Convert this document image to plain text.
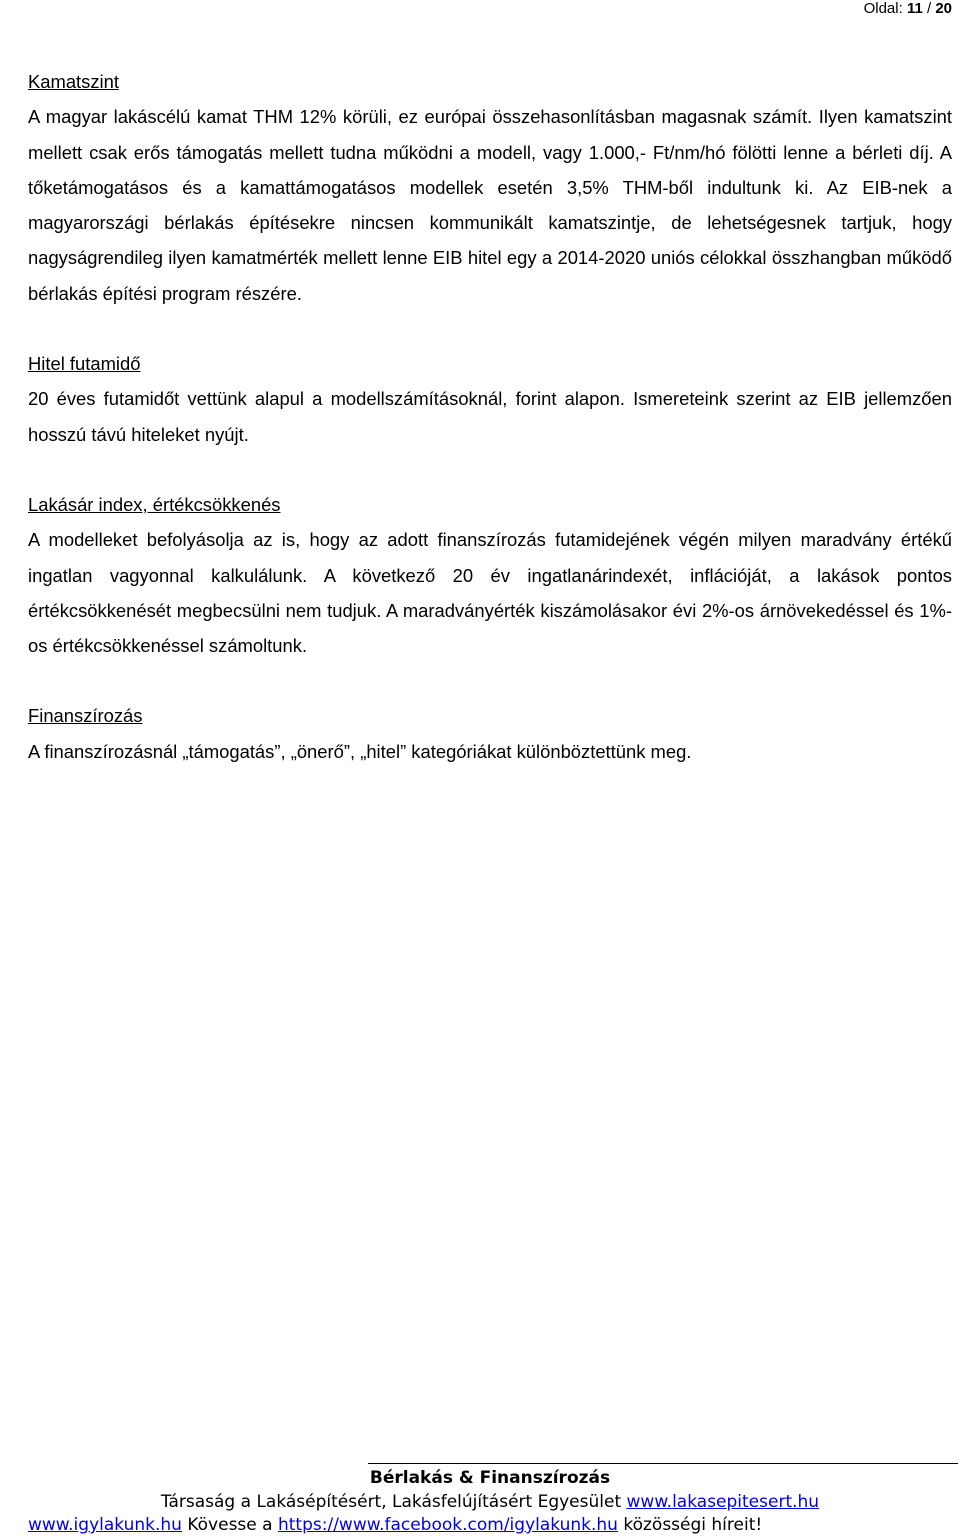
Oldal: 11 / 20
Kamatszint

A magyar lakáscélú kamat THM 12% körüli, ez európai összehasonlításban magasnak számít. Ilyen kamatszint mellett csak erős támogatás mellett tudna működni a modell, vagy 1.000,- Ft/nm/hó fölötti lenne a bérleti díj. A tőketámogatásos és a kamattámogatásos modellek esetén 3,5% THM-ből indultunk ki. Az EIB-nek a magyarországi bérlakás építésekre nincsen kommunikált kamatszintje, de lehetségesnek tartjuk, hogy nagyságrendileg ilyen kamatmérték mellett lenne EIB hitel egy a 2014-2020 uniós célokkal összhangban működő bérlakás építési program részére.

Hitel futamidő

20 éves futamidőt vettünk alapul a modellszámításoknál, forint alapon. Ismereteink szerint az EIB jellemzően hosszú távú hiteleket nyújt.

Lakásár index, értékcsökkenés

A modelleket befolyásolja az is, hogy az adott finanszírozás futamidejének végén milyen maradvány értékű ingatlan vagyonnal kalkulálunk. A következő 20 év ingatlanárindexét, inflációját, a lakások pontos értékcsökkenését megbecsülni nem tudjuk. A maradványérték kiszámolásakor évi 2%-os árnövekedéssel és 1%-os értékcsökkenéssel számoltunk.

Finanszírozás

A finanszírozásnál „támogatás”, „önerő”, „hitel” kategóriákat különböztettünk meg.

Bérlakás & Finanszírozás
Társaság a Lakásépítésért, Lakásfelújításért Egyesület www.lakasepitesert.hu
www.igylakunk.hu Kövesse a https://www.facebook.com/igylakunk.hu közösségi híreit!
